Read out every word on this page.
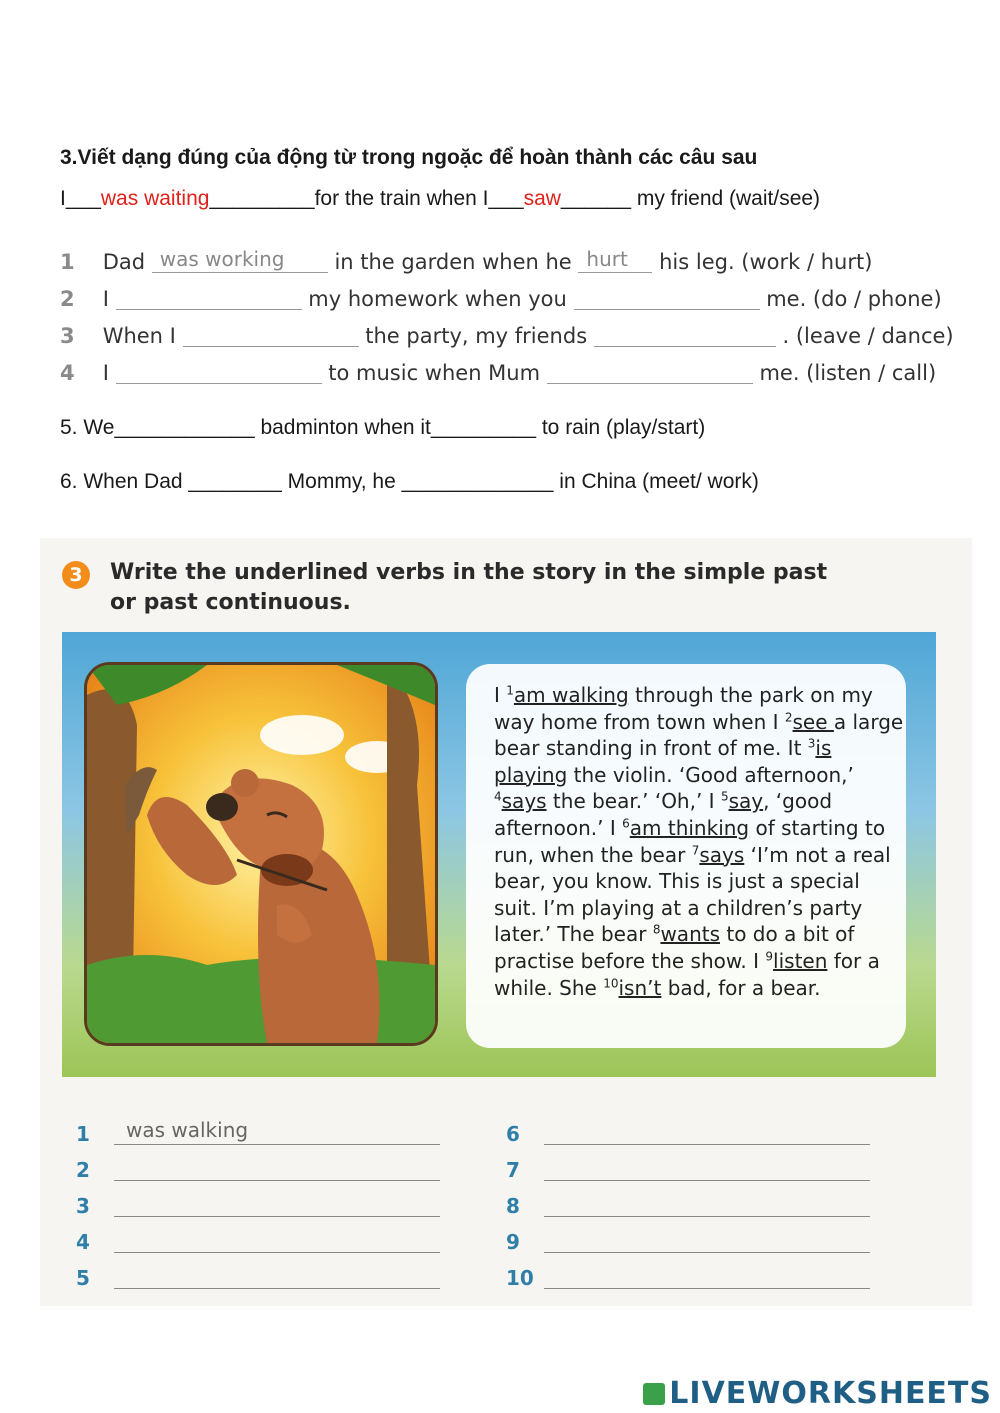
3.Viết dạng đúng của động từ trong ngoặc để hoàn thành các câu sau
I___was waiting_________for the train when I___saw______ my friend (wait/see)
1 Dad was working in the garden when he hurt his leg. (work / hurt)
2 I	my homework when you	me. (do / phone)
3 When I	the party, my friends	. (leave / dance)
4 I	to music when Mum	me. (listen / call)
5. We____________ badminton when it_________ to rain (play/start)
6. When Dad ________ Mommy, he _____________ in China (meet/ work)
3	Write the underlined verbs in the story in the simple past or past continuous.
I $^1$am walking through the park on my way home from town when I $^2$see a large bear standing in front of me. It $^3$is playing the violin. ‘Good afternoon,’ $^4$says the bear.’ ‘Oh,’ I $^5$say, ‘good afternoon.’ I $^6$am thinking of starting to run, when the bear $^7$says ‘I’m not a real bear, you know. This is just a special suit. I’m playing at a children’s party later.’ The bear $^8$wants to do a bit of practise before the show. I $^9$listen for a while. She $^{10}$isn’t bad, for a bear.
1 was walking
2
3
4
5
6
7
8
9
10
LIVEWORKSHEETS
